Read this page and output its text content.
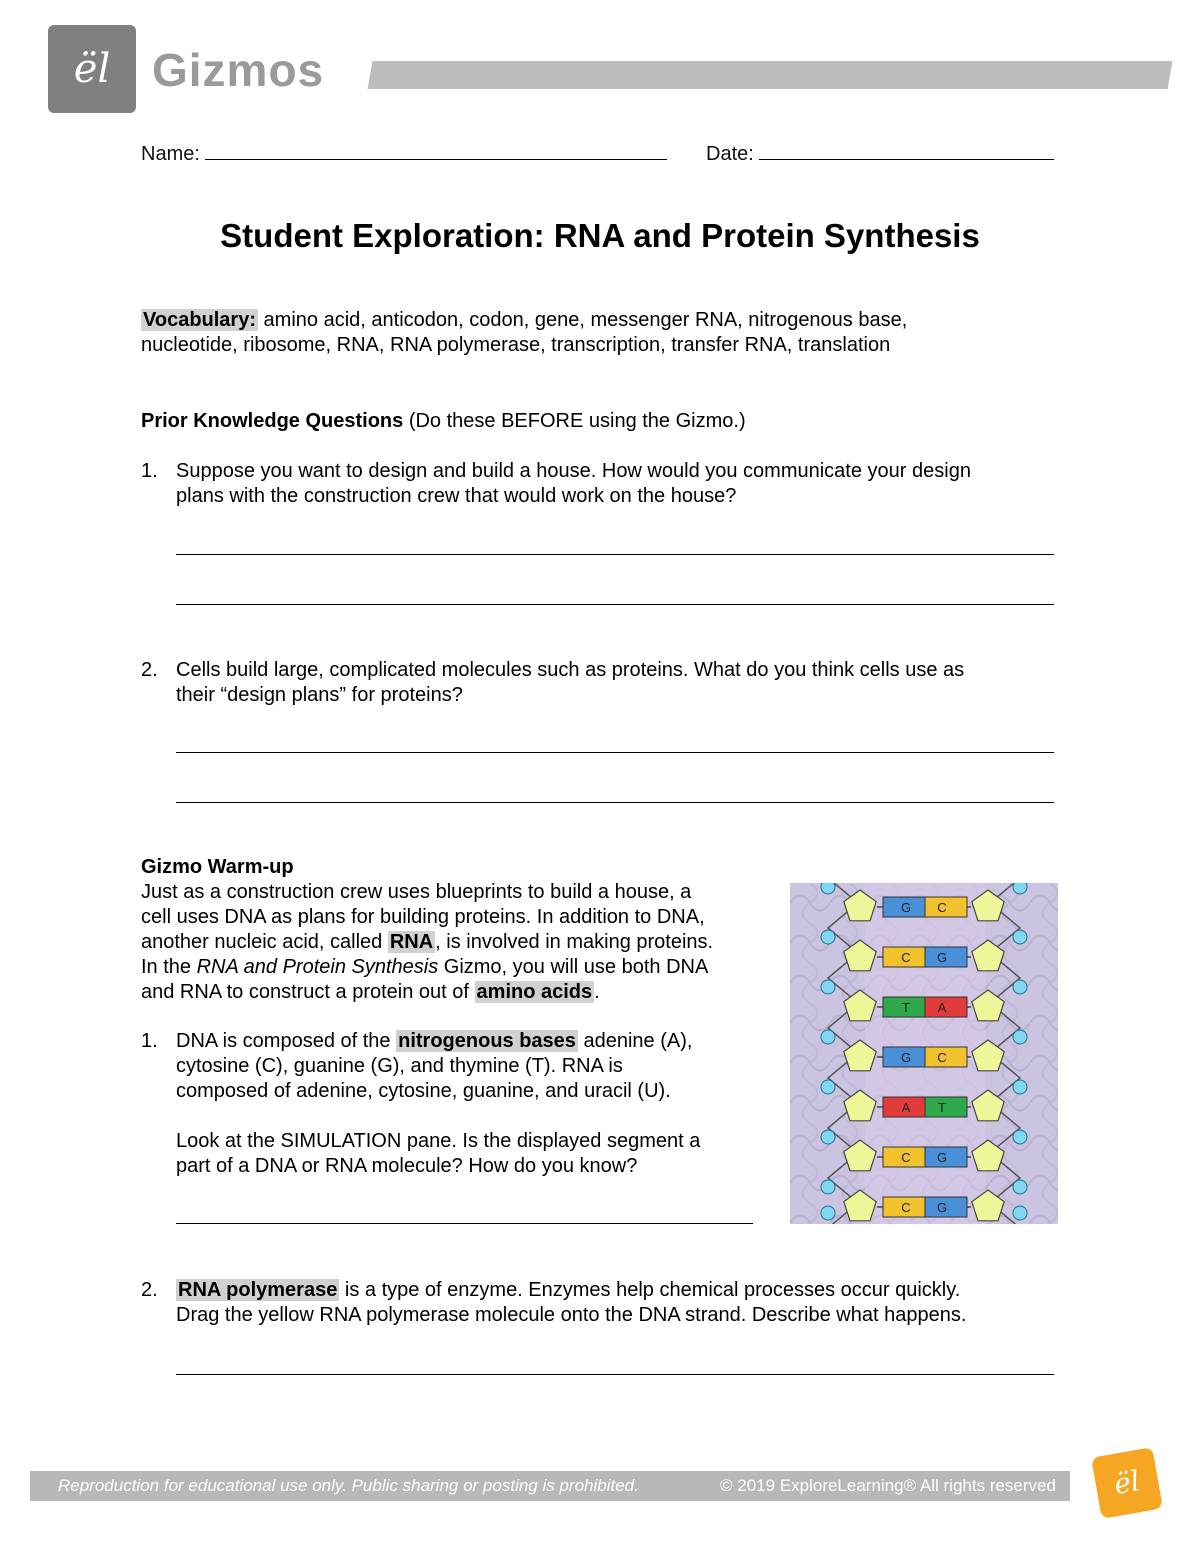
ël Gizmos
Name:	Date:
Student Exploration: RNA and Protein Synthesis
Vocabulary: amino acid, anticodon, codon, gene, messenger RNA, nitrogenous base,
nucleotide, ribosome, RNA, RNA polymerase, transcription, transfer RNA, translation
Prior Knowledge Questions (Do these BEFORE using the Gizmo.)
1. Suppose you want to design and build a house. How would you communicate your design
plans with the construction crew that would work on the house?
2. Cells build large, complicated molecules such as proteins. What do you think cells use as
their “design plans” for proteins?
Gizmo Warm-up
Just as a construction crew uses blueprints to build a house, a
cell uses DNA as plans for building proteins. In addition to DNA,
another nucleic acid, called RNA , is involved in making proteins.
In the RNA and Protein Synthesis Gizmo, you will use both DNA
and RNA to construct a protein out of amino acids .
1. DNA is composed of the nitrogenous bases adenine (A),
cytosine (C), guanine (G), and thymine (T). RNA is
composed of adenine, cytosine, guanine, and uracil (U).
Look at the SIMULATION pane. Is the displayed segment a
part of a DNA or RNA molecule? How do you know?
G C
C G
T A
G C
A T
C G
C G
2. RNA polymerase is a type of enzyme. Enzymes help chemical processes occur quickly.
Drag the yellow RNA polymerase molecule onto the DNA strand. Describe what happens.
Reproduction for educational use only. Public sharing or posting is prohibited.	© 2019 ExploreLearning® All rights reserved	ël
